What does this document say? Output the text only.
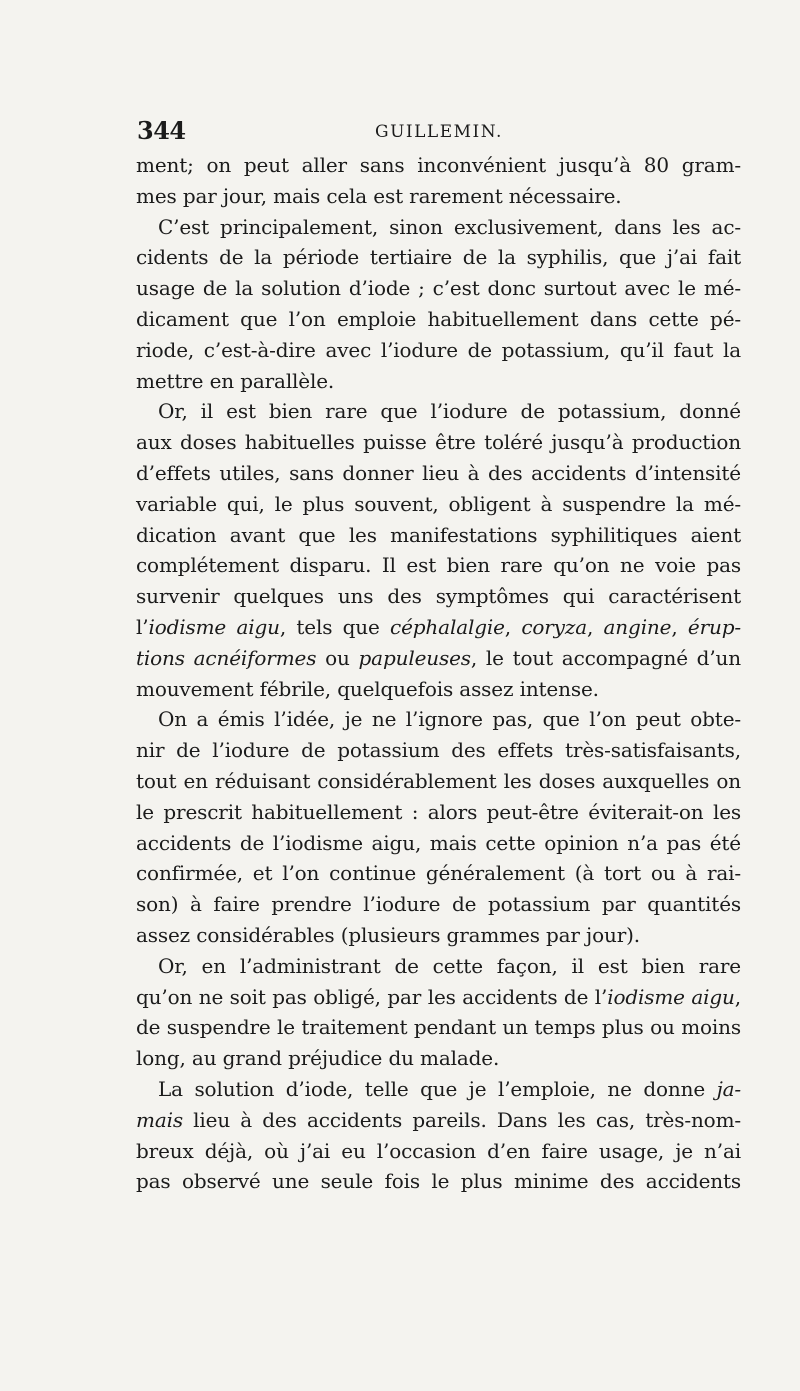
344	GUILLEMIN.
ment; on peut aller sans inconvénient jusqu’à 80 gram-
mes par jour, mais cela est rarement nécessaire.
C’est principalement, sinon exclusivement, dans les ac-
cidents de la période tertiaire de la syphilis, que j’ai fait
usage de la solution d’iode ; c’est donc surtout avec le mé-
dicament que l’on emploie habituellement dans cette pé-
riode, c’est-à-dire avec l’iodure de potassium, qu’il faut la
mettre en parallèle.
Or, il est bien rare que l’iodure de potassium, donné
aux doses habituelles puisse être toléré jusqu’à production
d’effets utiles, sans donner lieu à des accidents d’intensité
variable qui, le plus souvent, obligent à suspendre la mé-
dication avant que les manifestations syphilitiques aient
complétement disparu. Il est bien rare qu’on ne voie pas
survenir quelques uns des symptômes qui caractérisent
l’iodisme aigu, tels que céphalalgie, coryza, angine, érup-
tions acnéiformes ou papuleuses, le tout accompagné d’un
mouvement fébrile, quelquefois assez intense.
On a émis l’idée, je ne l’ignore pas, que l’on peut obte-
nir de l’iodure de potassium des effets très-satisfaisants,
tout en réduisant considérablement les doses auxquelles on
le prescrit habituellement : alors peut-être éviterait-on les
accidents de l’iodisme aigu, mais cette opinion n’a pas été
confirmée, et l’on continue généralement (à tort ou à rai-
son) à faire prendre l’iodure de potassium par quantités
assez considérables (plusieurs grammes par jour).
Or, en l’administrant de cette façon, il est bien rare
qu’on ne soit pas obligé, par les accidents de l’iodisme aigu,
de suspendre le traitement pendant un temps plus ou moins
long, au grand préjudice du malade.
La solution d’iode, telle que je l’emploie, ne donne ja-
mais lieu à des accidents pareils. Dans les cas, très-nom-
breux déjà, où j’ai eu l’occasion d’en faire usage, je n’ai
pas observé une seule fois le plus minime des accidents
